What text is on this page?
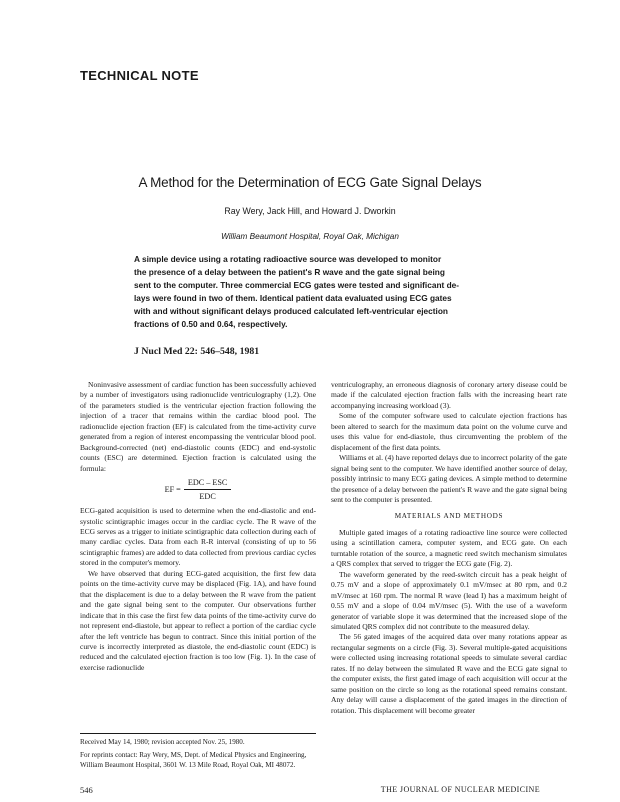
TECHNICAL NOTE
A Method for the Determination of ECG Gate Signal Delays
Ray Wery, Jack Hill, and Howard J. Dworkin
William Beaumont Hospital, Royal Oak, Michigan
A simple device using a rotating radioactive source was developed to monitor
the presence of a delay between the patient's R wave and the gate signal being
sent to the computer. Three commercial ECG gates were tested and significant de-
lays were found in two of them. Identical patient data evaluated using ECG gates
with and without significant delays produced calculated left-ventricular ejection
fractions of 0.50 and 0.64, respectively.
J Nucl Med 22: 546–548, 1981

Noninvasive assessment of cardiac function has been successfully achieved by a number of investigators using radionuclide ventriculography (1,2). One of the parameters studied is the ventricular ejection fraction following the injection of a tracer that remains within the cardiac blood pool. The radionuclide ejection fraction (EF) is calculated from the time-activity curve generated from a region of interest encompassing the ventricular blood pool. Background-corrected (net) end-diastolic counts (EDC) and end-systolic counts (ESC) are determined. Ejection fraction is calculated using the formula:

EF = $\frac{\text{EDC – ESC}}{\text{EDC}}$

ECG-gated acquisition is used to determine when the end-diastolic and end-systolic scintigraphic images occur in the cardiac cycle. The R wave of the ECG serves as a trigger to initiate scintigraphic data collection during each of many cardiac cycles. Data from each R-R interval (consisting of up to 56 scintigraphic frames) are added to data collected from previous cardiac cycles stored in the computer's memory.

We have observed that during ECG-gated acquisition, the first few data points on the time-activity curve may be displaced (Fig. 1A), and have found that the displacement is due to a delay between the R wave from the patient and the gate signal being sent to the computer. Our observations further indicate that in this case the first few data points of the time-activity curve do not represent end-diastole, but appear to reflect a portion of the cardiac cycle after the left ventricle has begun to contract. Since this initial portion of the curve is incorrectly interpreted as diastole, the end-diastolic count (EDC) is reduced and the calculated ejection fraction is too low (Fig. 1). In the case of exercise radionuclide

ventriculography, an erroneous diagnosis of coronary artery disease could be made if the calculated ejection fraction falls with the increasing heart rate accompanying increasing workload (3).

Some of the computer software used to calculate ejection fractions has been altered to search for the maximum data point on the volume curve and uses this value for end-diastole, thus circumventing the problem of the displacement of the first data points.

Williams et al. (4) have reported delays due to incorrect polarity of the gate signal being sent to the computer. We have identified another source of delay, possibly intrinsic to many ECG gating devices. A simple method to determine the presence of a delay between the patient's R wave and the gate signal being sent to the computer is presented.

MATERIALS AND METHODS

Multiple gated images of a rotating radioactive line source were collected using a scintillation camera, computer system, and ECG gate. On each turntable rotation of the source, a magnetic reed switch mechanism simulates a QRS complex that served to trigger the ECG gate (Fig. 2).

The waveform generated by the reed-switch circuit has a peak height of 0.75 mV and a slope of approximately 0.1 mV/msec at 80 rpm, and 0.2 mV/msec at 160 rpm. The normal R wave (lead I) has a maximum height of 0.55 mV and a slope of 0.04 mV/msec (5). With the use of a waveform generator of variable slope it was determined that the increased slope of the simulated QRS complex did not contribute to the measured delay.

The 56 gated images of the acquired data over many rotations appear as rectangular segments on a circle (Fig. 3). Several multiple-gated acquisitions were collected using increasing rotational speeds to simulate several cardiac rates. If no delay between the simulated R wave and the ECG gate signal to the computer exists, the first gated image of each acquisition will occur at the same position on the circle so long as the rotational speed remains constant. Any delay will cause a displacement of the gated images in the direction of rotation. This displacement will become greater

Received May 14, 1980; revision accepted Nov. 25, 1980.

For reprints contact: Ray Wery, MS, Dept. of Medical Physics and Engineering, William Beaumont Hospital, 3601 W. 13 Mile Road, Royal Oak, MI 48072.

546	THE JOURNAL OF NUCLEAR MEDICINE
